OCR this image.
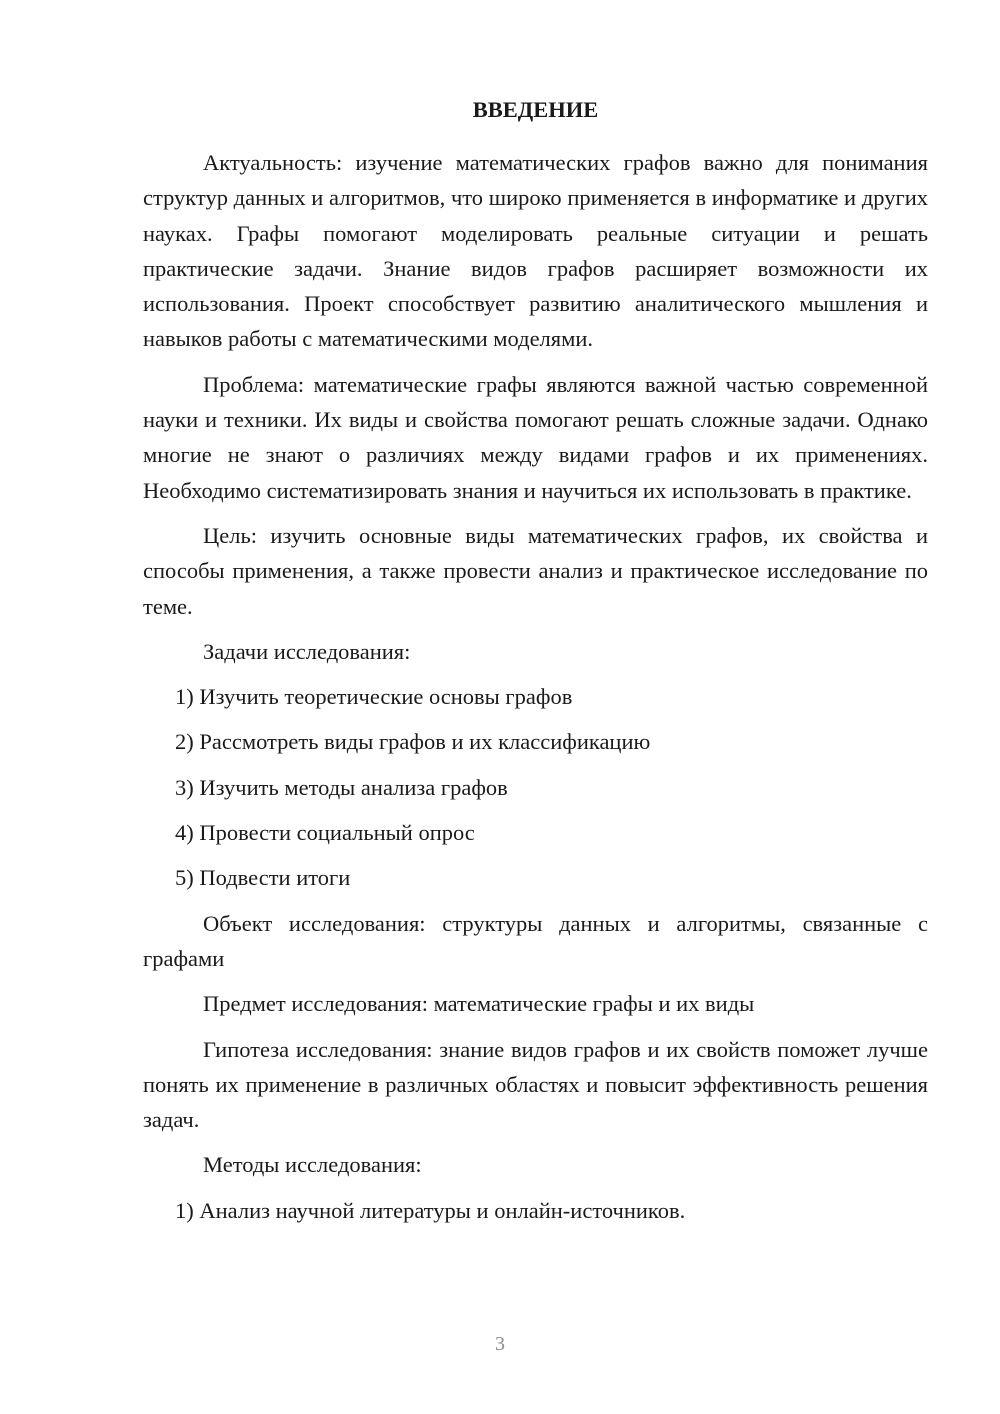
ВВЕДЕНИЕ

Актуальность: изучение математических графов важно для понимания структур данных и алгоритмов, что широко применяется в информатике и других науках. Графы помогают моделировать реальные ситуации и решать практические задачи. Знание видов графов расширяет возможности их использования. Проект способствует развитию аналитического мышления и навыков работы с математическими моделями.

Проблема: математические графы являются важной частью современной науки и техники. Их виды и свойства помогают решать сложные задачи. Однако многие не знают о различиях между видами графов и их применениях. Необходимо систематизировать знания и научиться их использовать в практике.

Цель: изучить основные виды математических графов, их свойства и способы применения, а также провести анализ и практическое исследование по теме.

Задачи исследования:

1) Изучить теоретические основы графов

2) Рассмотреть виды графов и их классификацию

3) Изучить методы анализа графов

4) Провести социальный опрос

5) Подвести итоги

Объект исследования: структуры данных и алгоритмы, связанные с графами

Предмет исследования: математические графы и их виды

Гипотеза исследования: знание видов графов и их свойств поможет лучше понять их применение в различных областях и повысит эффективность решения задач.

Методы исследования:

1) Анализ научной литературы и онлайн-источников.

3
